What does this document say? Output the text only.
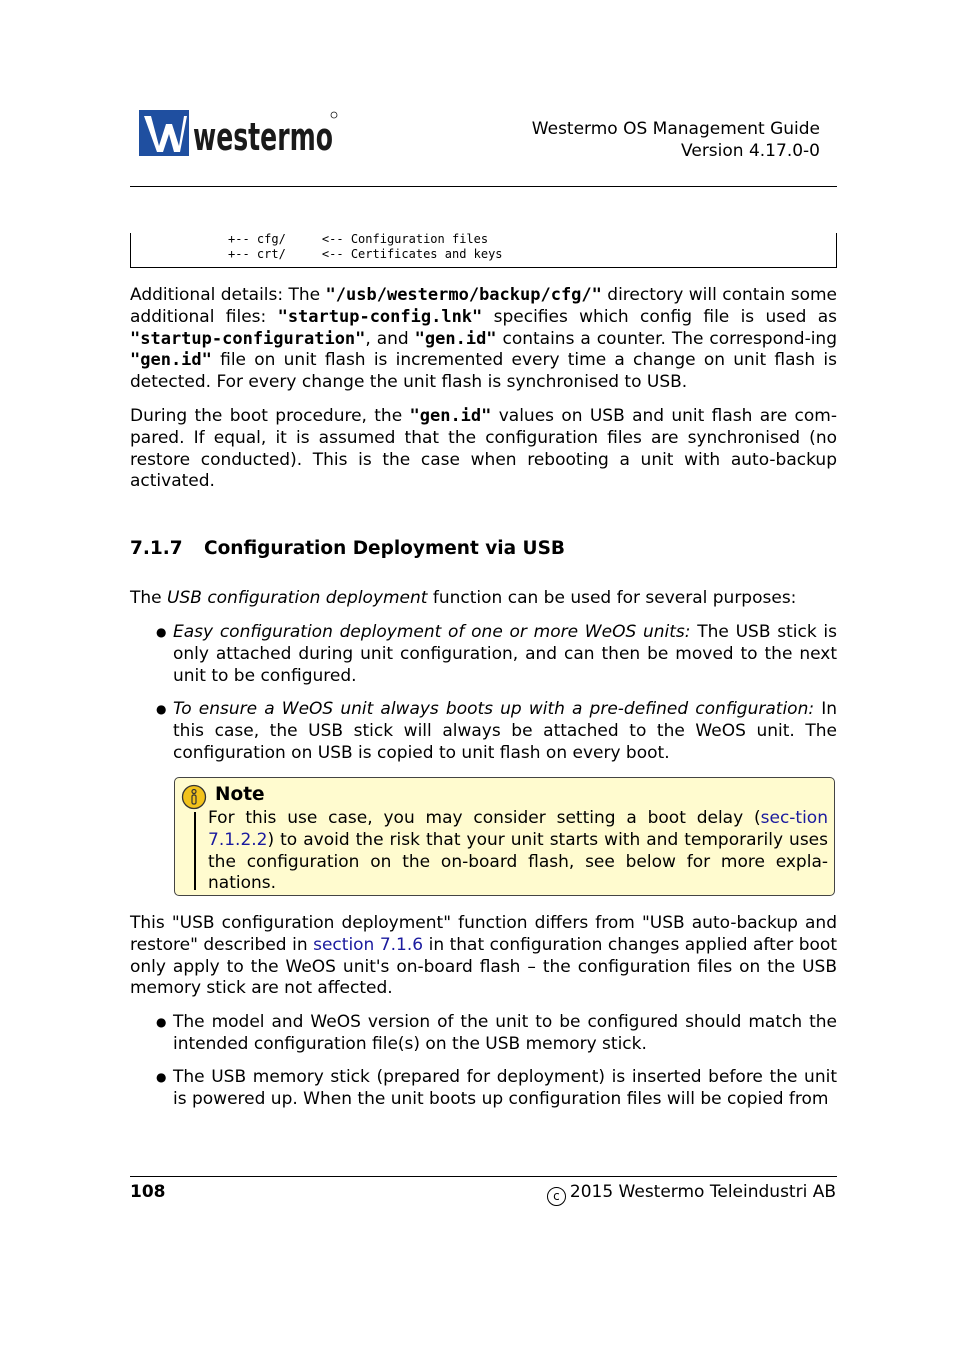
westermo	Westermo OS Management Guide
Version 4.17.0-0
+-- cfg/     <-- Configuration files
+-- crt/     <-- Certificates and keys
Additional details: The "/usb/westermo/backup/cfg/" directory will contain some additional files: "startup-config.lnk" specifies which config file is used as "startup-configuration", and "gen.id" contains a counter. The correspond-ing "gen.id" file on unit flash is incremented every time a change on unit flash is detected. For every change the unit flash is synchronised to USB.
During the boot procedure, the "gen.id" values on USB and unit flash are com-pared. If equal, it is assumed that the configuration files are synchronised (no restore conducted). This is the case when rebooting a unit with auto-backup activated.
7.1.7 Configuration Deployment via USB
The USB configuration deployment function can be used for several purposes:
● Easy configuration deployment of one or more WeOS units: The USB stick is only attached during unit configuration, and can then be moved to the next unit to be configured.
● To ensure a WeOS unit always boots up with a pre-defined configuration: In this case, the USB stick will always be attached to the WeOS unit. The configuration on USB is copied to unit flash on every boot.
Note
For this use case, you may consider setting a boot delay (sec-tion 7.1.2.2) to avoid the risk that your unit starts with and temporarily uses the configuration on the on-board flash, see below for more expla-nations.
This "USB configuration deployment" function differs from "USB auto-backup and restore" described in section 7.1.6 in that configuration changes applied after boot only apply to the WeOS unit's on-board flash – the configuration files on the USB memory stick are not affected.
● The model and WeOS version of the unit to be configured should match the intended configuration file(s) on the USB memory stick.
● The USB memory stick (prepared for deployment) is inserted before the unit is powered up. When the unit boots up configuration files will be copied from
108	c 2015 Westermo Teleindustri AB
